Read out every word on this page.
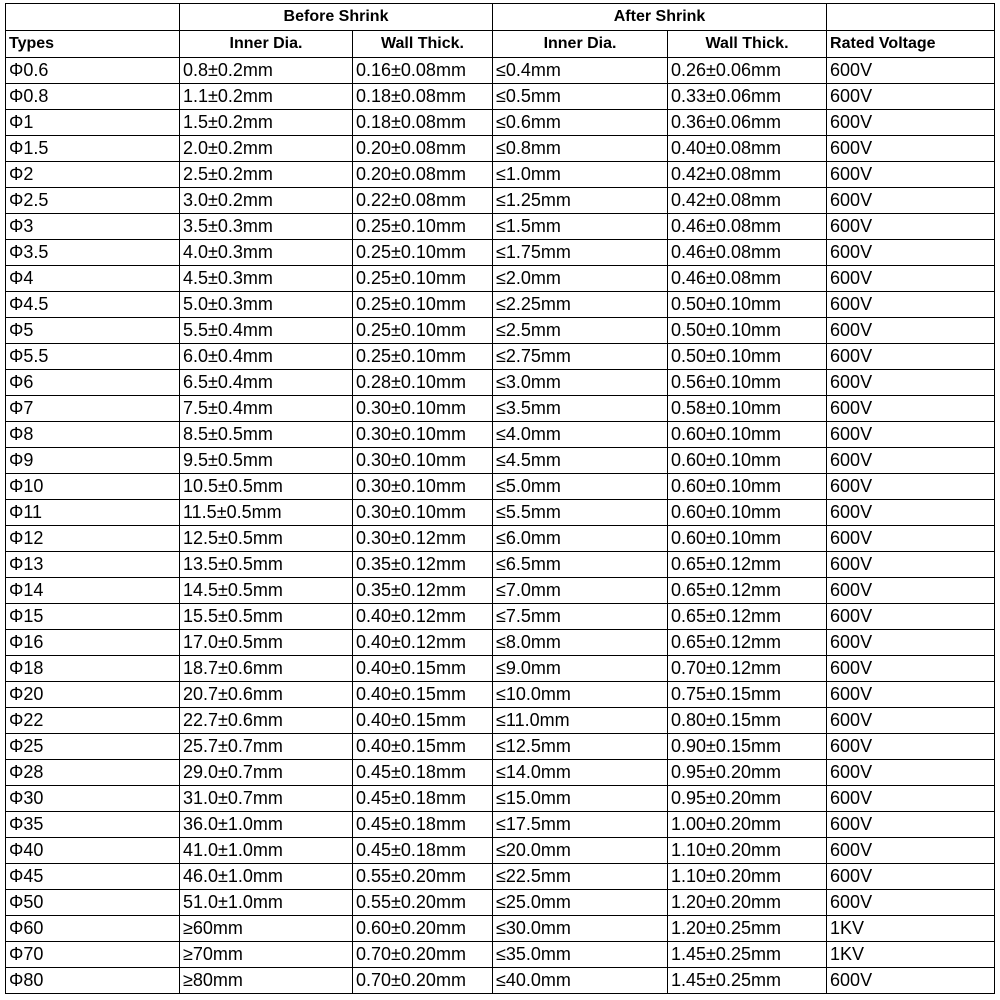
	Before Shrink		After Shrink		
Types	Inner Dia.	Wall Thick.	Inner Dia.	Wall Thick.	Rated Voltage
Φ0.6	0.8±0.2mm	0.16±0.08mm	≤0.4mm	0.26±0.06mm	600V
Φ0.8	1.1±0.2mm	0.18±0.08mm	≤0.5mm	0.33±0.06mm	600V
Φ1	1.5±0.2mm	0.18±0.08mm	≤0.6mm	0.36±0.06mm	600V
Φ1.5	2.0±0.2mm	0.20±0.08mm	≤0.8mm	0.40±0.08mm	600V
Φ2	2.5±0.2mm	0.20±0.08mm	≤1.0mm	0.42±0.08mm	600V
Φ2.5	3.0±0.2mm	0.22±0.08mm	≤1.25mm	0.42±0.08mm	600V
Φ3	3.5±0.3mm	0.25±0.10mm	≤1.5mm	0.46±0.08mm	600V
Φ3.5	4.0±0.3mm	0.25±0.10mm	≤1.75mm	0.46±0.08mm	600V
Φ4	4.5±0.3mm	0.25±0.10mm	≤2.0mm	0.46±0.08mm	600V
Φ4.5	5.0±0.3mm	0.25±0.10mm	≤2.25mm	0.50±0.10mm	600V
Φ5	5.5±0.4mm	0.25±0.10mm	≤2.5mm	0.50±0.10mm	600V
Φ5.5	6.0±0.4mm	0.25±0.10mm	≤2.75mm	0.50±0.10mm	600V
Φ6	6.5±0.4mm	0.28±0.10mm	≤3.0mm	0.56±0.10mm	600V
Φ7	7.5±0.4mm	0.30±0.10mm	≤3.5mm	0.58±0.10mm	600V
Φ8	8.5±0.5mm	0.30±0.10mm	≤4.0mm	0.60±0.10mm	600V
Φ9	9.5±0.5mm	0.30±0.10mm	≤4.5mm	0.60±0.10mm	600V
Φ10	10.5±0.5mm	0.30±0.10mm	≤5.0mm	0.60±0.10mm	600V
Φ11	11.5±0.5mm	0.30±0.10mm	≤5.5mm	0.60±0.10mm	600V
Φ12	12.5±0.5mm	0.30±0.12mm	≤6.0mm	0.60±0.10mm	600V
Φ13	13.5±0.5mm	0.35±0.12mm	≤6.5mm	0.65±0.12mm	600V
Φ14	14.5±0.5mm	0.35±0.12mm	≤7.0mm	0.65±0.12mm	600V
Φ15	15.5±0.5mm	0.40±0.12mm	≤7.5mm	0.65±0.12mm	600V
Φ16	17.0±0.5mm	0.40±0.12mm	≤8.0mm	0.65±0.12mm	600V
Φ18	18.7±0.6mm	0.40±0.15mm	≤9.0mm	0.70±0.12mm	600V
Φ20	20.7±0.6mm	0.40±0.15mm	≤10.0mm	0.75±0.15mm	600V
Φ22	22.7±0.6mm	0.40±0.15mm	≤11.0mm	0.80±0.15mm	600V
Φ25	25.7±0.7mm	0.40±0.15mm	≤12.5mm	0.90±0.15mm	600V
Φ28	29.0±0.7mm	0.45±0.18mm	≤14.0mm	0.95±0.20mm	600V
Φ30	31.0±0.7mm	0.45±0.18mm	≤15.0mm	0.95±0.20mm	600V
Φ35	36.0±1.0mm	0.45±0.18mm	≤17.5mm	1.00±0.20mm	600V
Φ40	41.0±1.0mm	0.45±0.18mm	≤20.0mm	1.10±0.20mm	600V
Φ45	46.0±1.0mm	0.55±0.20mm	≤22.5mm	1.10±0.20mm	600V
Φ50	51.0±1.0mm	0.55±0.20mm	≤25.0mm	1.20±0.20mm	600V
Φ60	≥60mm	0.60±0.20mm	≤30.0mm	1.20±0.25mm	1KV
Φ70	≥70mm	0.70±0.20mm	≤35.0mm	1.45±0.25mm	1KV
Φ80	≥80mm	0.70±0.20mm	≤40.0mm	1.45±0.25mm	600V
